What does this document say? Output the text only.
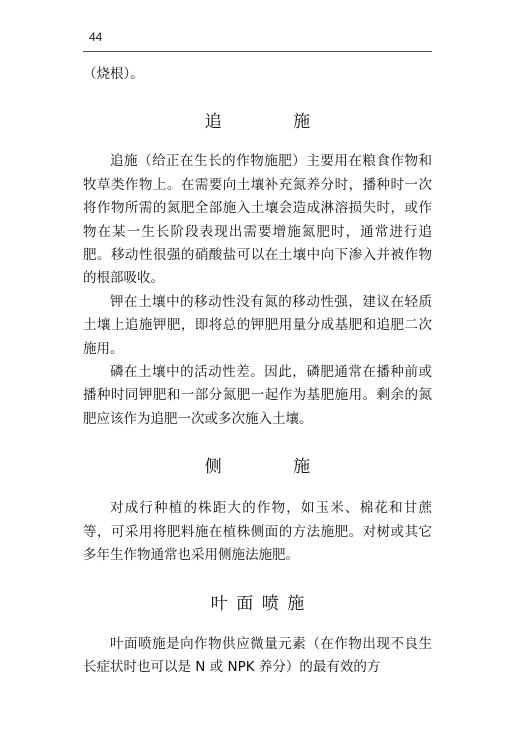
44

（烧根）。

追　施

追施（给正在生长的作物施肥）主要用在粮食作物和牧草类作物上。在需要向土壤补充氮养分时，播种时一次将作物所需的氮肥全部施入土壤会造成淋溶损失时，或作物在某一生长阶段表现出需要增施氮肥时，通常进行追肥。移动性很强的硝酸盐可以在土壤中向下渗入并被作物的根部吸收。

钾在土壤中的移动性没有氮的移动性强，建议在轻质土壤上追施钾肥，即将总的钾肥用量分成基肥和追肥二次施用。

磷在土壤中的活动性差。因此，磷肥通常在播种前或播种时同钾肥和一部分氮肥一起作为基肥施用。剩余的氮肥应该作为追肥一次或多次施入土壤。

侧　施

对成行种植的株距大的作物，如玉米、棉花和甘蔗等，可采用将肥料施在植株侧面的方法施肥。对树或其它多年生作物通常也采用侧施法施肥。

叶面喷施

叶面喷施是向作物供应微量元素（在作物出现不良生长症状时也可以是 N 或 NPK 养分）的最有效的方
